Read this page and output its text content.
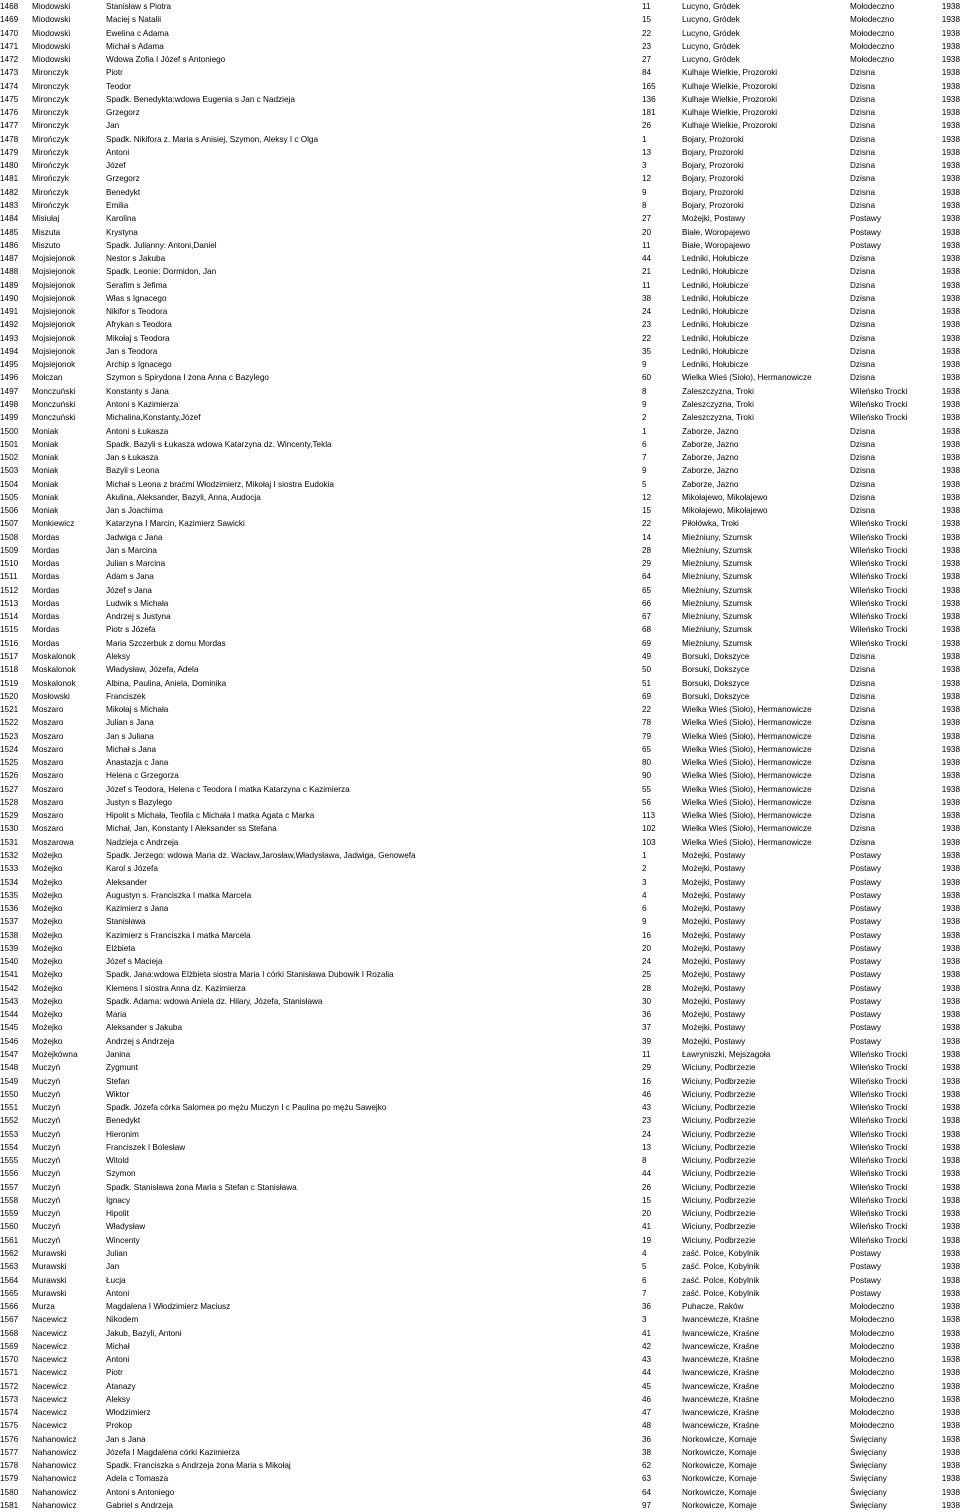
1468	Miodowski	Stanisław s Piotra	11	Lucyno, Gródek	Mołodeczno	1938
1469	Miodowski	Maciej s Natalii	15	Lucyno, Gródek	Mołodeczno	1938
1470	Miodowski	Ewelina c Adama	22	Lucyno, Gródek	Mołodeczno	1938
1471	Miodowski	Michał s Adama	23	Lucyno, Gródek	Mołodeczno	1938
1472	Miodowski	Wdowa Zofia I Józef s Antoniego	27	Lucyno, Gródek	Mołodeczno	1938
1473	Mironczyk	Piotr	84	Kulhaje Wielkie, Prozoroki	Dzisna	1938
1474	Mironczyk	Teodor	165	Kulhaje Wielkie, Prozoroki	Dzisna	1938
1475	Mironczyk	Spadk. Benedykta:wdowa Eugenia s Jan c Nadzieja	136	Kulhaje Wielkie, Prozoroki	Dzisna	1938
1476	Mironczyk	Grzegorz	181	Kulhaje Wielkie, Prozoroki	Dzisna	1938
1477	Mironczyk	Jan	26	Kulhaje Wielkie, Prozoroki	Dzisna	1938
1478	Mirończyk	Spadk. Nikifora z. Maria s Anisiej, Szymon, Aleksy I c Olga	1	Bojary, Prozoroki	Dzisna	1938
1479	Mirończyk	Antoni	13	Bojary, Prozoroki	Dzisna	1938
1480	Mirończyk	Józef	3	Bojary, Prozoroki	Dzisna	1938
1481	Mirończyk	Grzegorz	12	Bojary, Prozoroki	Dzisna	1938
1482	Mirończyk	Benedykt	9	Bojary, Prozoroki	Dzisna	1938
1483	Mirończyk	Emilia	8	Bojary, Prozoroki	Dzisna	1938
1484	Misiułaj	Karolina	27	Możejki, Postawy	Postawy	1938
1485	Miszuta	Krystyna	20	Białe, Woropajewo	Postawy	1938
1486	Miszuto	Spadk. Julianny: Antoni,Daniel	11	Białe, Woropajewo	Postawy	1938
1487	Mojsiejonok	Nestor s Jakuba	44	Ledniki, Hołubicze	Dzisna	1938
1488	Mojsiejonok	Spadk. Leonie: Dormidon, Jan	21	Ledniki, Hołubicze	Dzisna	1938
1489	Mojsiejonok	Serafim s Jefima	11	Ledniki, Hołubicze	Dzisna	1938
1490	Mojsiejonok	Włas s Ignacego	38	Ledniki, Hołubicze	Dzisna	1938
1491	Mojsiejonok	Nikifor s Teodora	24	Ledniki, Hołubicze	Dzisna	1938
1492	Mojsiejonok	Afrykan s Teodora	23	Ledniki, Hołubicze	Dzisna	1938
1493	Mojsiejonok	Mikołaj s Teodora	22	Ledniki, Hołubicze	Dzisna	1938
1494	Mojsiejonok	Jan s Teodora	35	Ledniki, Hołubicze	Dzisna	1938
1495	Mojsiejonok	Archip s Ignacego	9	Ledniki, Hołubicze	Dzisna	1938
1496	Mołczan	Szymon s Spirydona I żona Anna c Bazylego	60	Wielka Wieś (Sioło), Hermanowicze	Dzisna	1938
1497	Monczuński	Konstanty s Jana	8	Zaleszczyzna, Troki	Wileńsko Trocki	1938
1498	Monczuński	Antoni s Kazimierza	9	Zaleszczyzna, Troki	Wileńsko Trocki	1938
1499	Monczuński	Michalina,Konstanty,Józef	2	Zaleszczyzna, Troki	Wileńsko Trocki	1938
1500	Moniak	Antoni s Łukasza	1	Zaborze, Jazno	Dzisna	1938
1501	Moniak	Spadk. Bazyli s Łukasza wdowa Katarzyna dz. Wincenty,Tekla	6	Zaborze, Jazno	Dzisna	1938
1502	Moniak	Jan s Łukasza	7	Zaborze, Jazno	Dzisna	1938
1503	Moniak	Bazyli s Leona	9	Zaborze, Jazno	Dzisna	1938
1504	Moniak	Michał s Leona z braćmi Włodzimierz, Mikołaj I siostra Eudokia	5	Zaborze, Jazno	Dzisna	1938
1505	Moniak	Akulina, Aleksander, Bazyli, Anna, Audocja	12	Mikołajewo, Mikołajewo	Dzisna	1938
1506	Moniak	Jan s Joachima	15	Mikołajewo, Mikołajewo	Dzisna	1938
1507	Monkiewicz	Katarzyna I Marcin, Kazimierz Sawicki	22	Piłołówka, Troki	Wileńsko Trocki	1938
1508	Mordas	Jadwiga c Jana	14	Mieżniuny, Szumsk	Wileńsko Trocki	1938
1509	Mordas	Jan s Marcina	28	Mieżniuny, Szumsk	Wileńsko Trocki	1938
1510	Mordas	Julian s Marcina	29	Mieżniuny, Szumsk	Wileńsko Trocki	1938
1511	Mordas	Adam s Jana	64	Mieżniuny, Szumsk	Wileńsko Trocki	1938
1512	Mordas	Józef s Jana	65	Mieżniuny, Szumsk	Wileńsko Trocki	1938
1513	Mordas	Ludwik s Michała	66	Mieżniuny, Szumsk	Wileńsko Trocki	1938
1514	Mordas	Andrzej s Justyna	67	Mieżniuny, Szumsk	Wileńsko Trocki	1938
1515	Mordas	Piotr s Józefa	68	Mieżniuny, Szumsk	Wileńsko Trocki	1938
1516	Mordas	Maria Szczerbuk z domu Mordas	69	Mieżniuny, Szumsk	Wileńsko Trocki	1938
1517	Moskalonok	Aleksy	49	Borsuki, Dokszyce	Dzisna	1938
1518	Moskalonok	Władysław, Józefa, Adela	50	Borsuki, Dokszyce	Dzisna	1938
1519	Moskalonok	Albina, Paulina, Aniela, Dominika	51	Borsuki, Dokszyce	Dzisna	1938
1520	Mosłowski	Franciszek	69	Borsuki, Dokszyce	Dzisna	1938
1521	Moszaro	Mikołaj s Michała	22	Wielka Wieś (Sioło), Hermanowicze	Dzisna	1938
1522	Moszaro	Julian s Jana	78	Wielka Wieś (Sioło), Hermanowicze	Dzisna	1938
1523	Moszaro	Jan s Juliana	79	Wielka Wieś (Sioło), Hermanowicze	Dzisna	1938
1524	Moszaro	Michał s Jana	65	Wielka Wieś (Sioło), Hermanowicze	Dzisna	1938
1525	Moszaro	Anastazja c Jana	80	Wielka Wieś (Sioło), Hermanowicze	Dzisna	1938
1526	Moszaro	Helena c Grzegorza	90	Wielka Wieś (Sioło), Hermanowicze	Dzisna	1938
1527	Moszaro	Józef s Teodora, Helena c Teodora I matka Katarzyna c Kazimierza	55	Wielka Wieś (Sioło), Hermanowicze	Dzisna	1938
1528	Moszaro	Justyn s Bazylego	56	Wielka Wieś (Sioło), Hermanowicze	Dzisna	1938
1529	Moszaro	Hipolit s Michała, Teofila c Michała I matka Agata c Marka	113	Wielka Wieś (Sioło), Hermanowicze	Dzisna	1938
1530	Moszaro	Michał, Jan, Konstanty I Aleksander ss Stefana	102	Wielka Wieś (Sioło), Hermanowicze	Dzisna	1938
1531	Moszarowa	Nadzieja c Andrzeja	103	Wielka Wieś (Sioło), Hermanowicze	Dzisna	1938
1532	Możejko	Spadk. Jerzego: wdowa Maria dz. Wacław,Jarosław,Władysława, Jadwiga, Genowefa	1	Możejki, Postawy	Postawy	1938
1533	Możejko	Karol s Józefa	2	Możejki, Postawy	Postawy	1938
1534	Możejko	Aleksander	3	Możejki, Postawy	Postawy	1938
1535	Możejko	Augustyn s. Franciszka I matka Marcela	4	Możejki, Postawy	Postawy	1938
1536	Możejko	Kazimierz s Jana	6	Możejki, Postawy	Postawy	1938
1537	Możejko	Stanisława	9	Możejki, Postawy	Postawy	1938
1538	Możejko	Kazimierz s Franciszka I matka Marcela	16	Możejki, Postawy	Postawy	1938
1539	Możejko	Elżbieta	20	Możejki, Postawy	Postawy	1938
1540	Możejko	Józef s Macieja	24	Możejki, Postawy	Postawy	1938
1541	Możejko	Spadk. Jana:wdowa Elżbieta siostra Maria I córki Stanisława Dubowik I Rozalia	25	Możejki, Postawy	Postawy	1938
1542	Możejko	Klemens I siostra Anna dz. Kazimierza	28	Możejki, Postawy	Postawy	1938
1543	Możejko	Spadk. Adama: wdowa Aniela dz. Hilary, Józefa, Stanisława	30	Możejki, Postawy	Postawy	1938
1544	Możejko	Maria	36	Możejki, Postawy	Postawy	1938
1545	Możejko	Aleksander s Jakuba	37	Możejki, Postawy	Postawy	1938
1546	Możejko	Andrzej s Andrzeja	39	Możejki, Postawy	Postawy	1938
1547	Możejkówna	Janina	11	Ławryniszki, Mejszagoła	Wileńsko Trocki	1938
1548	Muczyń	Zygmunt	29	Wiciuny, Podbrzezie	Wileńsko Trocki	1938
1549	Muczyń	Stefan	16	Wiciuny, Podbrzezie	Wileńsko Trocki	1938
1550	Muczyń	Wiktor	46	Wiciuny, Podbrzezie	Wileńsko Trocki	1938
1551	Muczyń	Spadk. Józefa córka Salomea po mężu Muczyn I c Paulina po mężu Sawejko	43	Wiciuny, Podbrzezie	Wileńsko Trocki	1938
1552	Muczyń	Benedykt	23	Wiciuny, Podbrzezie	Wileńsko Trocki	1938
1553	Muczyń	Hieronim	24	Wiciuny, Podbrzezie	Wileńsko Trocki	1938
1554	Muczyń	Franciszek I Bolesław	13	Wiciuny, Podbrzezie	Wileńsko Trocki	1938
1555	Muczyń	Witold	8	Wiciuny, Podbrzezie	Wileńsko Trocki	1938
1556	Muczyń	Szymon	44	Wiciuny, Podbrzezie	Wileńsko Trocki	1938
1557	Muczyń	Spadk. Stanisława żona Maria s Stefan c Stanisława	26	Wiciuny, Podbrzezie	Wileńsko Trocki	1938
1558	Muczyń	Ignacy	15	Wiciuny, Podbrzezie	Wileńsko Trocki	1938
1559	Muczyń	Hipolit	20	Wiciuny, Podbrzezie	Wileńsko Trocki	1938
1560	Muczyń	Władysław	41	Wiciuny, Podbrzezie	Wileńsko Trocki	1938
1561	Muczyń	Wincenty	19	Wiciuny, Podbrzezie	Wileńsko Trocki	1938
1562	Murawski	Julian	4	zaść. Polce, Kobylnik	Postawy	1938
1563	Murawski	Jan	5	zaść. Polce, Kobylnik	Postawy	1938
1564	Murawski	Łucja	6	zaść. Polce, Kobylnik	Postawy	1938
1565	Murawski	Antoni	7	zaść. Polce, Kobylnik	Postawy	1938
1566	Murza	Magdalena I Włodzimierz Maciusz	36	Puhacze, Raków	Mołodeczno	1938
1567	Nacewicz	Nikodem	3	Iwancewicze, Kraśne	Mołodeczno	1938
1568	Nacewicz	Jakub, Bazyli, Antoni	41	Iwancewicze, Kraśne	Mołodeczno	1938
1569	Nacewicz	Michał	42	Iwancewicze, Kraśne	Mołodeczno	1938
1570	Nacewicz	Antoni	43	Iwancewicze, Kraśne	Mołodeczno	1938
1571	Nacewicz	Piotr	44	Iwancewicze, Kraśne	Mołodeczno	1938
1572	Nacewicz	Atanazy	45	Iwancewicze, Kraśne	Mołodeczno	1938
1573	Nacewicz	Aleksy	46	Iwancewicze, Kraśne	Mołodeczno	1938
1574	Nacewicz	Włodzimierz	47	Iwancewicze, Kraśne	Mołodeczno	1938
1575	Nacewicz	Prokop	48	Iwancewicze, Kraśne	Mołodeczno	1938
1576	Nahanowicz	Jan s Jana	36	Norkowicze, Komaje	Święciany	1938
1577	Nahanowicz	Józefa I Magdalena córki Kazimierza	38	Norkowicze, Komaje	Święciany	1938
1578	Nahanowicz	Spadk. Franciszka s Andrzeja żona Maria s Mikołaj	62	Norkowicze, Komaje	Święciany	1938
1579	Nahanowicz	Adela c Tomasza	63	Norkowicze, Komaje	Święciany	1938
1580	Nahanowicz	Antoni s Antoniego	64	Norkowicze, Komaje	Święciany	1938
1581	Nahanowicz	Gabriel s Andrzeja	97	Norkowicze, Komaje	Święciany	1938
